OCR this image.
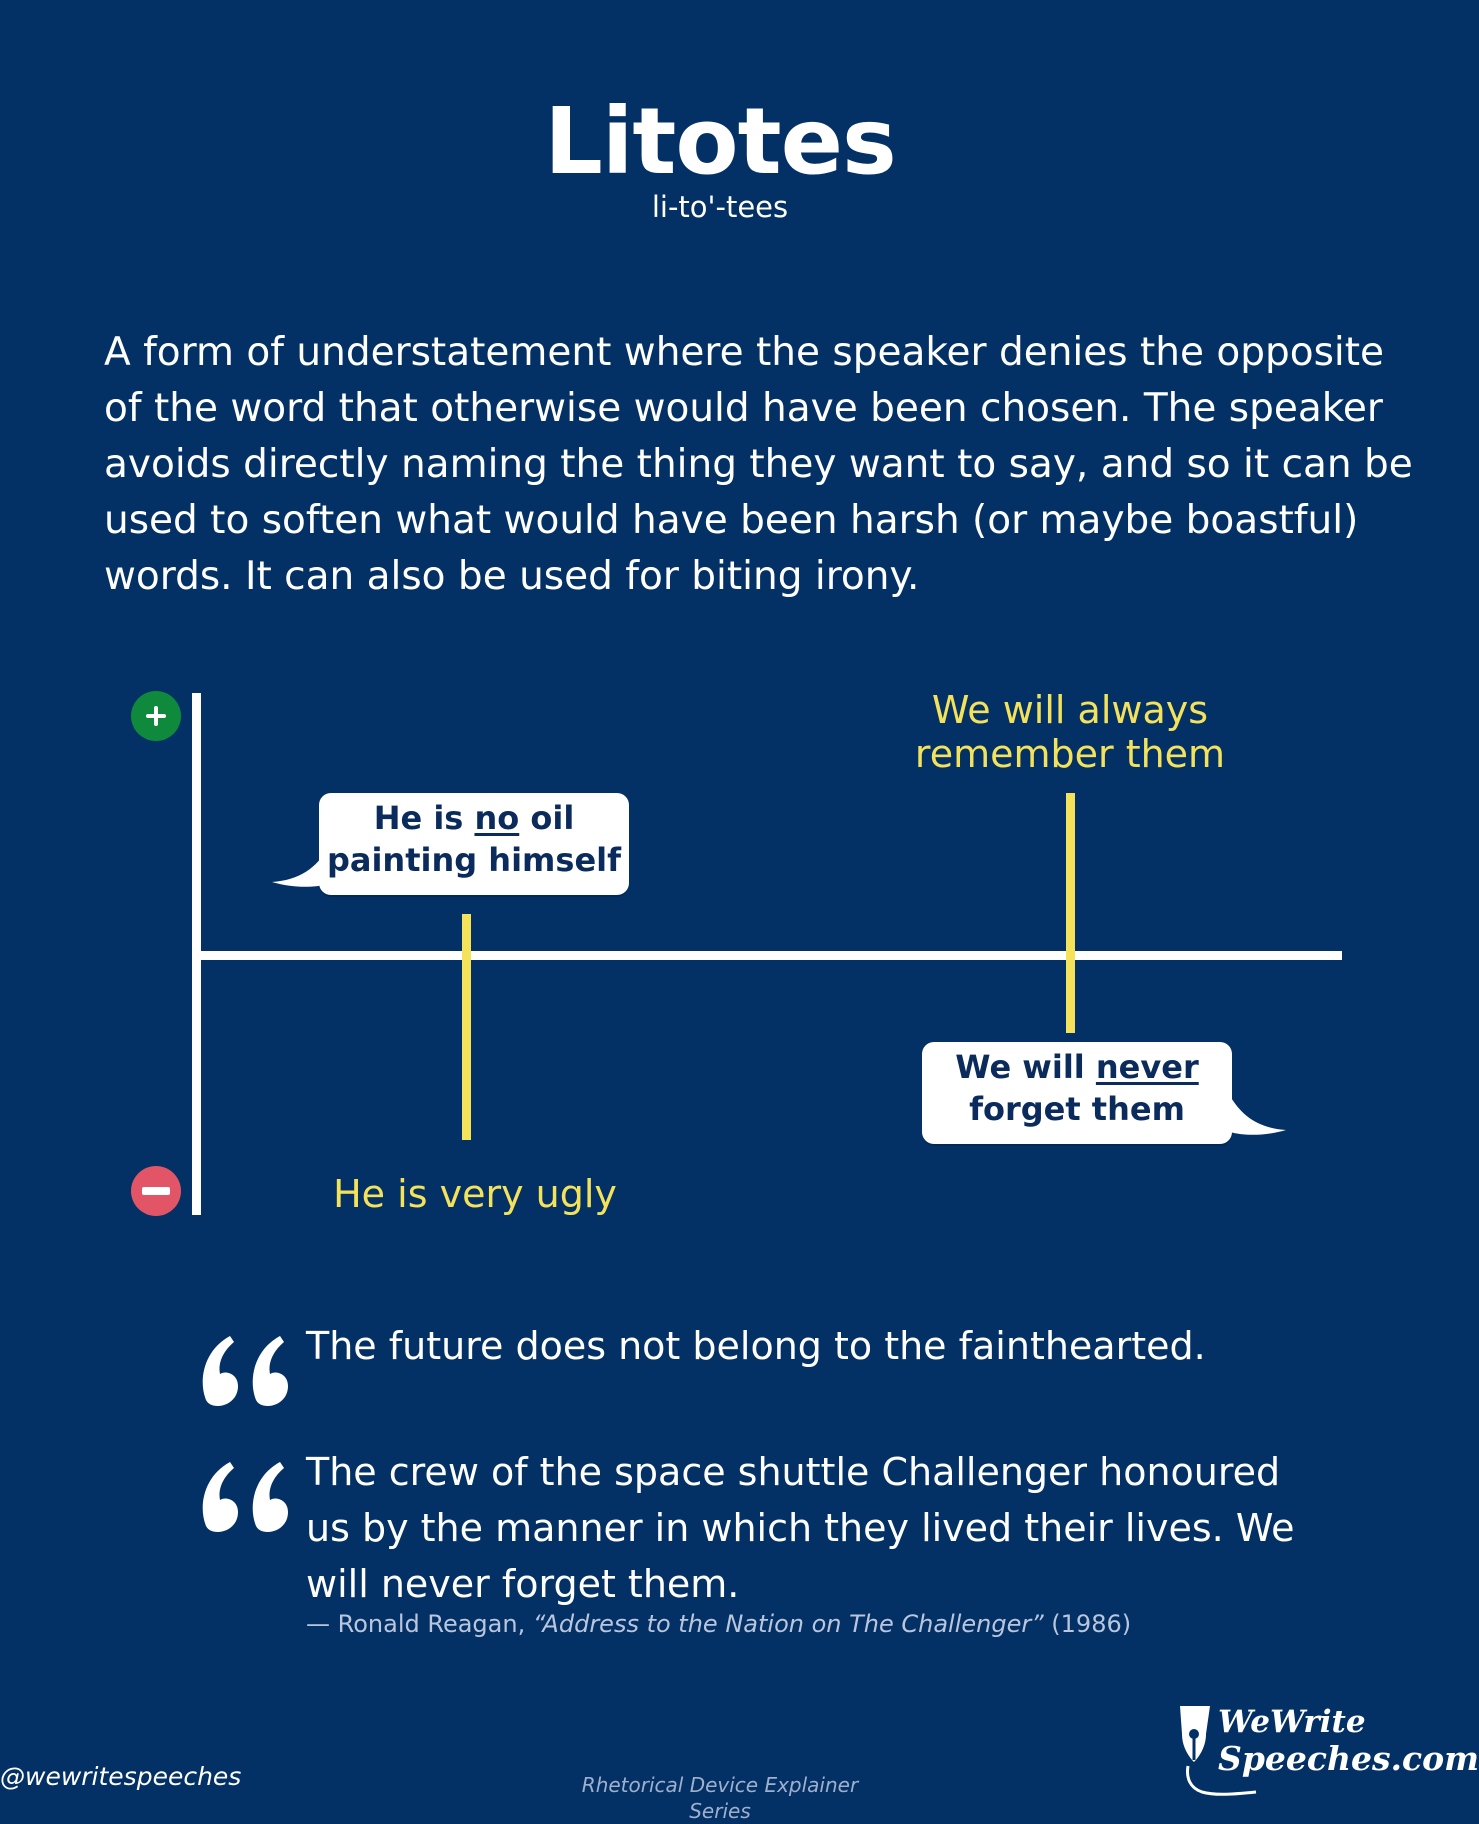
Litotes
li-to'-tees
A form of understatement where the speaker denies the opposite
of the word that otherwise would have been chosen. The speaker
avoids directly naming the thing they want to say, and so it can be
used to soften what would have been harsh (or maybe boastful)
words. It can also be used for biting irony.
We will always
remember them
He is very ugly
He is no oil
painting himself
We will never
forget them
The future does not belong to the fainthearted.
The crew of the space shuttle Challenger honoured
us by the manner in which they lived their lives. We
will never forget them.
— Ronald Reagan, “Address to the Nation on The Challenger” (1986)
@wewritespeeches	Rhetorical Device Explainer Series
WeWrite
Speeches.com
